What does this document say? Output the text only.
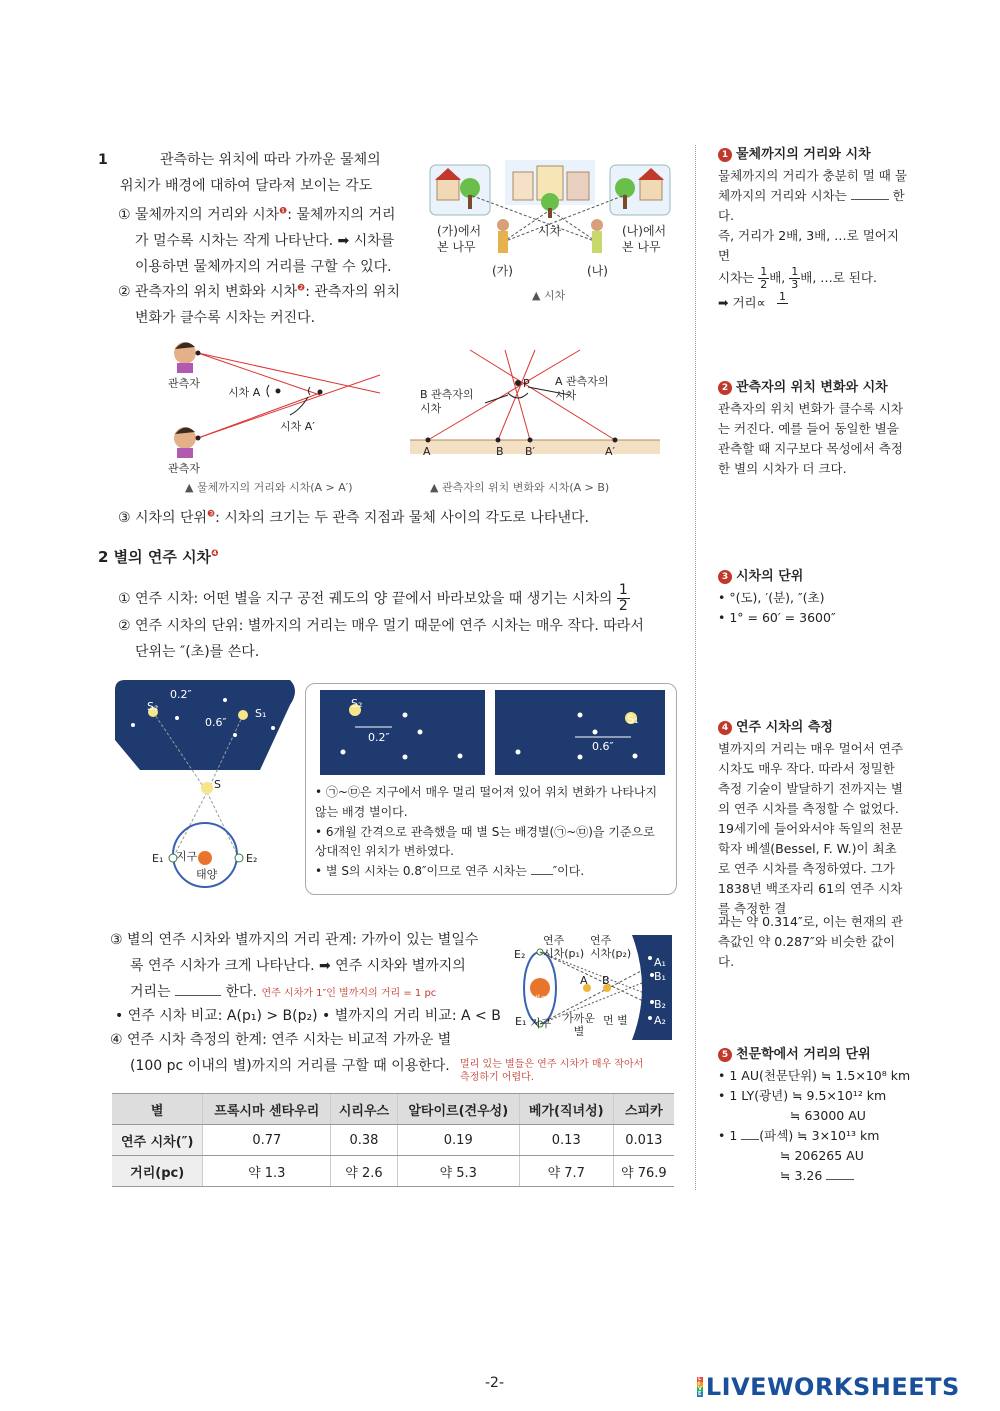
1	관측하는 위치에 따라 가까운 물체의
위치가 배경에 대하여 달라져 보이는 각도
① 물체까지의 거리와 시차$^❶$: 물체까지의 거리
가 멀수록 시차는 작게 나타난다. ➡ 시차를
이용하면 물체까지의 거리를 구할 수 있다.
② 관측자의 위치 변화와 시차$^❷$: 관측자의 위치
변화가 클수록 시차는 커진다.
(가)에서
본 나무
(나)에서
본 나무
시차
(가)	(나)
▲ 시차
관측자
관측자
시차 A
시차 A′
▲ 물체까지의 거리와 시차(A > A′)
B 관측자의
시차
A 관측자의
시차
P
A	B B′	A′
▲ 관측자의 위치 변화와 시차(A > B)
③ 시차의 단위$^❸$: 시차의 크기는 두 관측 지점과 물체 사이의 각도로 나타낸다.
2 별의 연주 시차$^❹$
① 연주 시차: 어떤 별을 지구 공전 궤도의 양 끝에서 바라보았을 때 생기는 시차의 $\frac{1}{2}$
② 연주 시차의 단위: 별까지의 거리는 매우 멀기 때문에 연주 시차는 매우 작다. 따라서
단위는 ″(초)를 쓴다.
S₂
S₁
0.2″
0.6″
S
지구
태양
E₁	E₂
S₂
0.2″
S₁
0.6″
• ㉠~㉤은 지구에서 매우 멀리 떨어져 있어 위치 변화가 나타나지 않는 배경 별이다.
• 6개월 간격으로 관측했을 때 별 S는 배경별(㉠~㉤)을 기준으로 상대적인 위치가 변하였다.
• 별 S의 시차는 0.8″이므로 연주 시차는 ″이다.
③ 별의 연주 시차와 별까지의 거리 관계: 가까이 있는 별일수
록 연주 시차가 크게 나타난다. ➡ 연주 시차와 별까지의
거리는	한다. 연주 시차가 1″인 별까지의 거리 = 1 pc
• 연주 시차 비교: A(p₁) > B(p₂) • 별까지의 거리 비교: A < B
④ 연주 시차 측정의 한계: 연주 시차는 비교적 가까운 별
(100 pc 이내의 별)까지의 거리를 구할 때 이용한다. 멀리 있는 별들은 연주 시차가 매우 작아서 측정하기 어렵다.
연주
시차(p₁)
연주
시차(p₂)
E₂
E₁ 지구
태양
A B
가까운
별
먼 별
A₁
B₁
B₂
A₂
별	프록시마 센타우리	시리우스	알타이르(견우성)	베가(직녀성)	스피카
연주 시차(″)	0.77	0.38	0.19	0.13	0.013
거리(pc)	약 1.3	약 2.6	약 5.3	약 7.7	약 76.9
1 물체까지의 거리와 시차
물체까지의 거리가 충분히 멀 때 물
체까지의 거리와 시차는	한다.
즉, 거리가 2배, 3배, …로 멀어지면
시차는 $\frac{1}{2}$ 배, $\frac{1}{3}$ 배, …로 된다.
➡ 거리∝ 1
2 관측자의 위치 변화와 시차
관측자의 위치 변화가 클수록 시차는 커진다. 예를 들어 동일한 별을 관측할 때 지구보다 목성에서 측정한 별의 시차가 더 크다.
3 시차의 단위
• °(도), ′(분), ″(초)
• 1° = 60′ = 3600″
4 연주 시차의 측정
별까지의 거리는 매우 멀어서 연주 시차도 매우 작다. 따라서 정밀한 측정 기술이 발달하기 전까지는 별의 연주 시차를 측정할 수 없었다. 19세기에 들어와서야 독일의 천문학자 베셀(Bessel, F. W.)이 최초로 연주 시차를 측정하였다. 그가 1838년 백조자리 61의 연주 시차를 측정한 결
과는 약 0.314″로, 이는 현재의 관측값인 약 0.287″와 비슷한 값이다.
5 천문학에서 거리의 단위
• 1 AU(천문단위) ≒ 1.5×10⁸ km
• 1 LY(광년) ≒ 9.5×10¹² km
≒ 63000 AU
• 1 (파섹) ≒ 3×10¹³ km
≒ 206265 AU
≒ 3.26
-2-	L
I
V
E LIVEWORKSHEETS
